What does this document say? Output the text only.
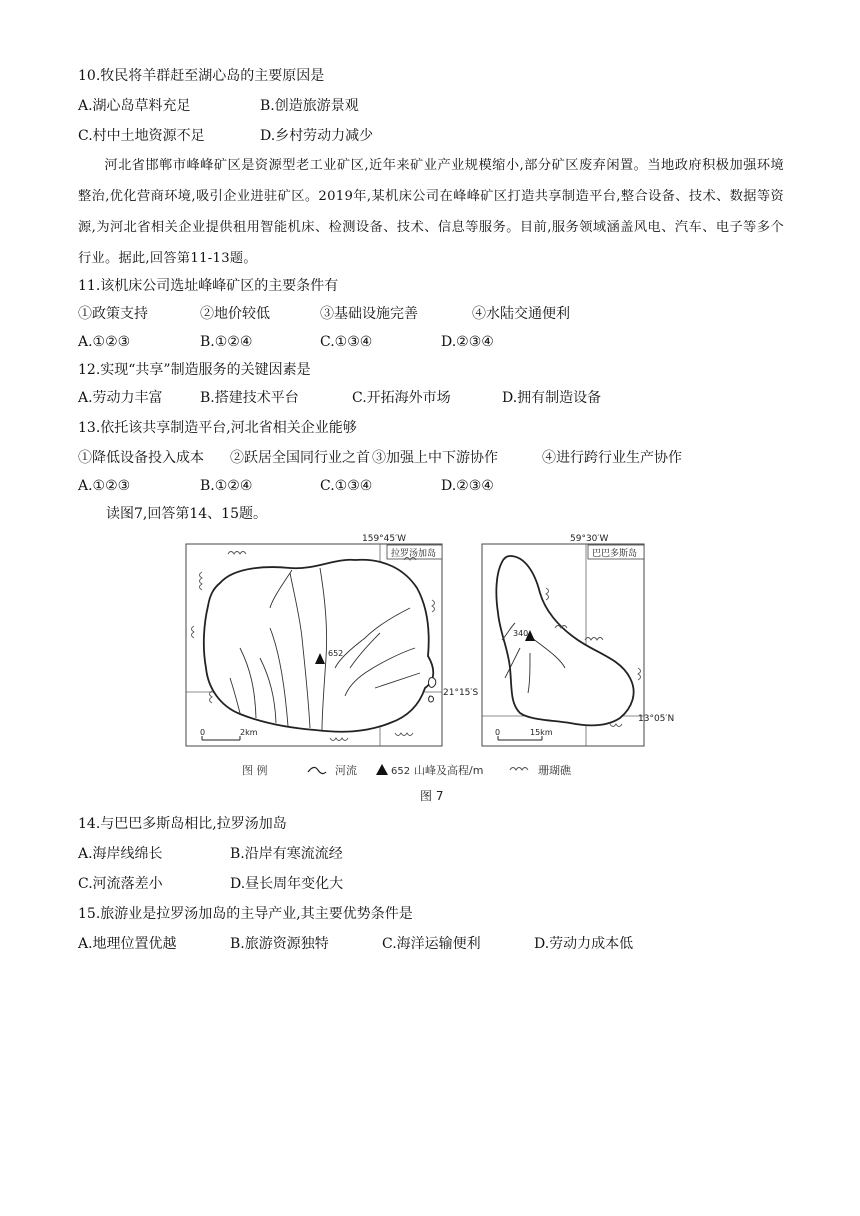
10.牧民将羊群赶至湖心岛的主要原因是
A.湖心岛草料充足	B.创造旅游景观
C.村中土地资源不足	D.乡村劳动力减少
河北省邯郸市峰峰矿区是资源型老工业矿区,近年来矿业产业规模缩小,部分矿区废弃闲置。当地政府积极加强环境整治,优化营商环境,吸引企业进驻矿区。2019年,某机床公司在峰峰矿区打造共享制造平台,整合设备、技术、数据等资源,为河北省相关企业提供租用智能机床、检测设备、技术、信息等服务。目前,服务领域涵盖风电、汽车、电子等多个行业。据此,回答第11-13题。
11.该机床公司选址峰峰矿区的主要条件有
①政策支持	②地价较低	③基础设施完善	④水陆交通便利
A.①②③	B.①②④	C.①③④	D.②③④
12.实现“共享”制造服务的关键因素是
A.劳动力丰富	B.搭建技术平台	C.开拓海外市场	D.拥有制造设备
13.依托该共享制造平台,河北省相关企业能够
①降低设备投入成本 ②跃居全国同行业之首 ③加强上中下游协作	④进行跨行业生产协作
A.①②③	B.①②④	C.①③④	D.②③④
读图7,回答第14、15题。
159°45′W
拉罗汤加岛
21°15′S
652
0	2km
59°30′W
巴巴多斯岛
13°05′N
340
0	15km
图 例	河流	652 山峰及高程/m	珊瑚礁
图 7
14.与巴巴多斯岛相比,拉罗汤加岛
A.海岸线绵长	B.沿岸有寒流流经
C.河流落差小	D.昼长周年变化大
15.旅游业是拉罗汤加岛的主导产业,其主要优势条件是
A.地理位置优越	B.旅游资源独特	C.海洋运输便利	D.劳动力成本低
